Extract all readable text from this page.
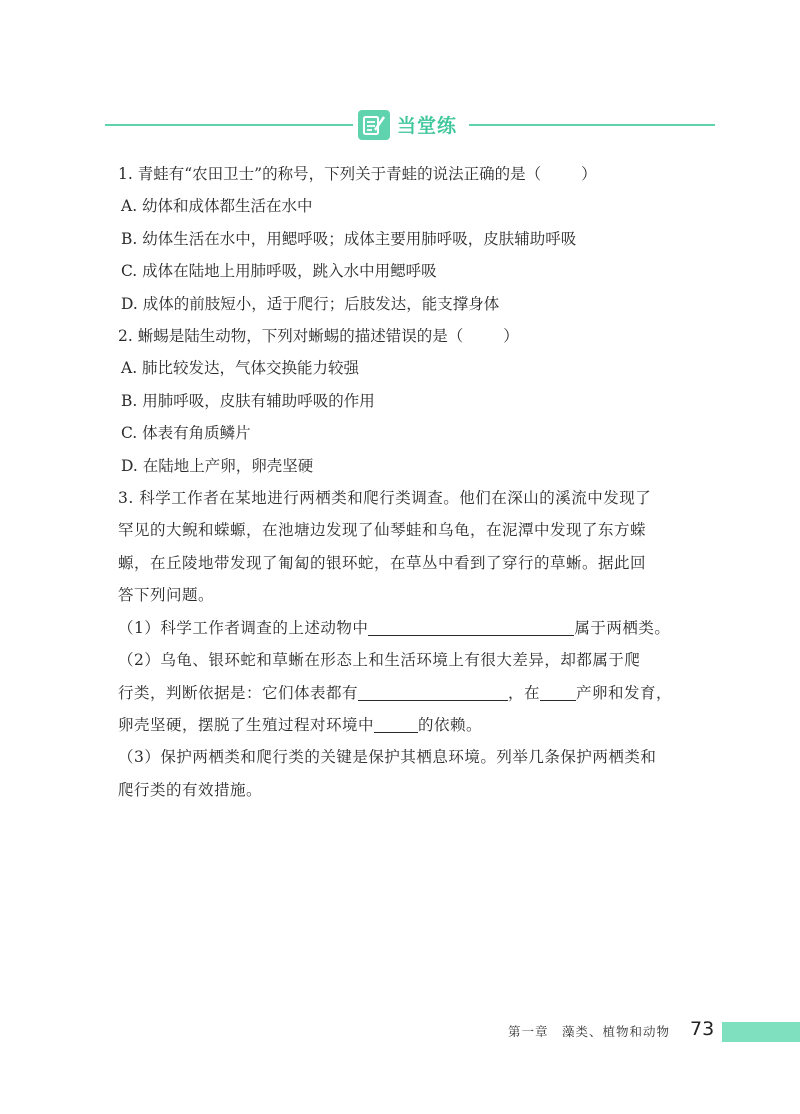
当堂练

1. 青蛙有“农田卫士”的称号，下列关于青蛙的说法正确的是（	）

A. 幼体和成体都生活在水中

B. 幼体生活在水中，用鳃呼吸；成体主要用肺呼吸，皮肤辅助呼吸

C. 成体在陆地上用肺呼吸，跳入水中用鳃呼吸

D. 成体的前肢短小，适于爬行；后肢发达，能支撑身体

2. 蜥蜴是陆生动物，下列对蜥蜴的描述错误的是（	）

A. 肺比较发达，气体交换能力较强

B. 用肺呼吸，皮肤有辅助呼吸的作用

C. 体表有角质鳞片

D. 在陆地上产卵，卵壳坚硬

3. 科学工作者在某地进行两栖类和爬行类调查。他们在深山的溪流中发现了

罕见的大鲵和蝾螈，在池塘边发现了仙琴蛙和乌龟，在泥潭中发现了东方蝾

螈，在丘陵地带发现了匍匐的银环蛇，在草丛中看到了穿行的草蜥。据此回

答下列问题。

（1）科学工作者调查的上述动物中	属于两栖类。

（2）乌龟、银环蛇和草蜥在形态上和生活环境上有很大差异，却都属于爬

行类，判断依据是：它们体表都有	，在 产卵和发育，

卵壳坚硬，摆脱了生殖过程对环境中	的依赖。

（3）保护两栖类和爬行类的关键是保护其栖息环境。列举几条保护两栖类和

爬行类的有效措施。

第一章　藻类、植物和动物 73
